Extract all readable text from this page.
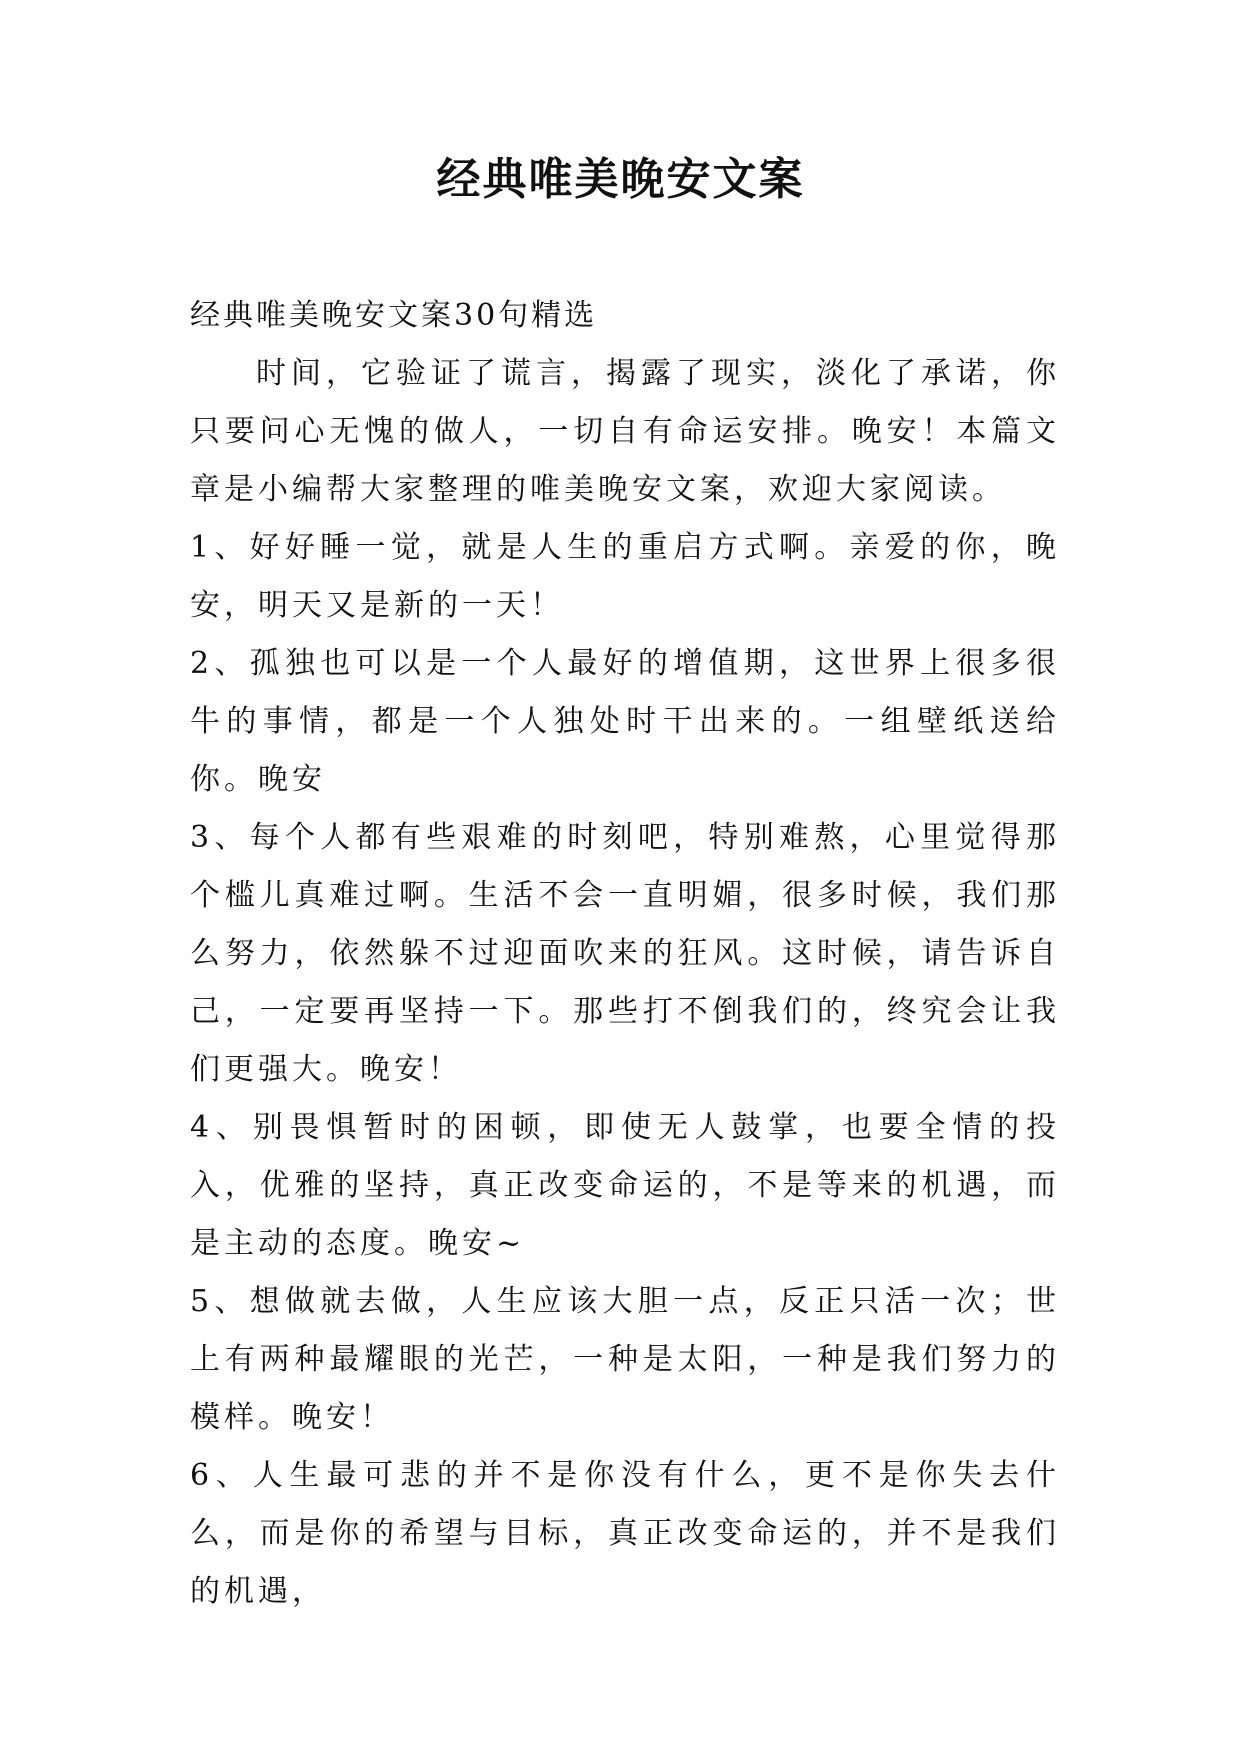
经典唯美晚安文案

经典唯美晚安文案30句精选

时间，它验证了谎言，揭露了现实，淡化了承诺，你只要问心无愧的做人，一切自有命运安排。晚安！本篇文章是小编帮大家整理的唯美晚安文案，欢迎大家阅读。

1、好好睡一觉，就是人生的重启方式啊。亲爱的你，晚安，明天又是新的一天！

2、孤独也可以是一个人最好的增值期，这世界上很多很牛的事情，都是一个人独处时干出来的。一组壁纸送给你。晚安

3、每个人都有些艰难的时刻吧，特别难熬，心里觉得那个槛儿真难过啊。生活不会一直明媚，很多时候，我们那么努力，依然躲不过迎面吹来的狂风。这时候，请告诉自己，一定要再坚持一下。那些打不倒我们的，终究会让我们更强大。晚安！

4、别畏惧暂时的困顿，即使无人鼓掌，也要全情的投入，优雅的坚持，真正改变命运的，不是等来的机遇，而是主动的态度。晚安~

5、想做就去做，人生应该大胆一点，反正只活一次；世上有两种最耀眼的光芒，一种是太阳，一种是我们努力的模样。晚安！

6、人生最可悲的并不是你没有什么，更不是你失去什么，而是你的希望与目标，真正改变命运的，并不是我们的机遇，
